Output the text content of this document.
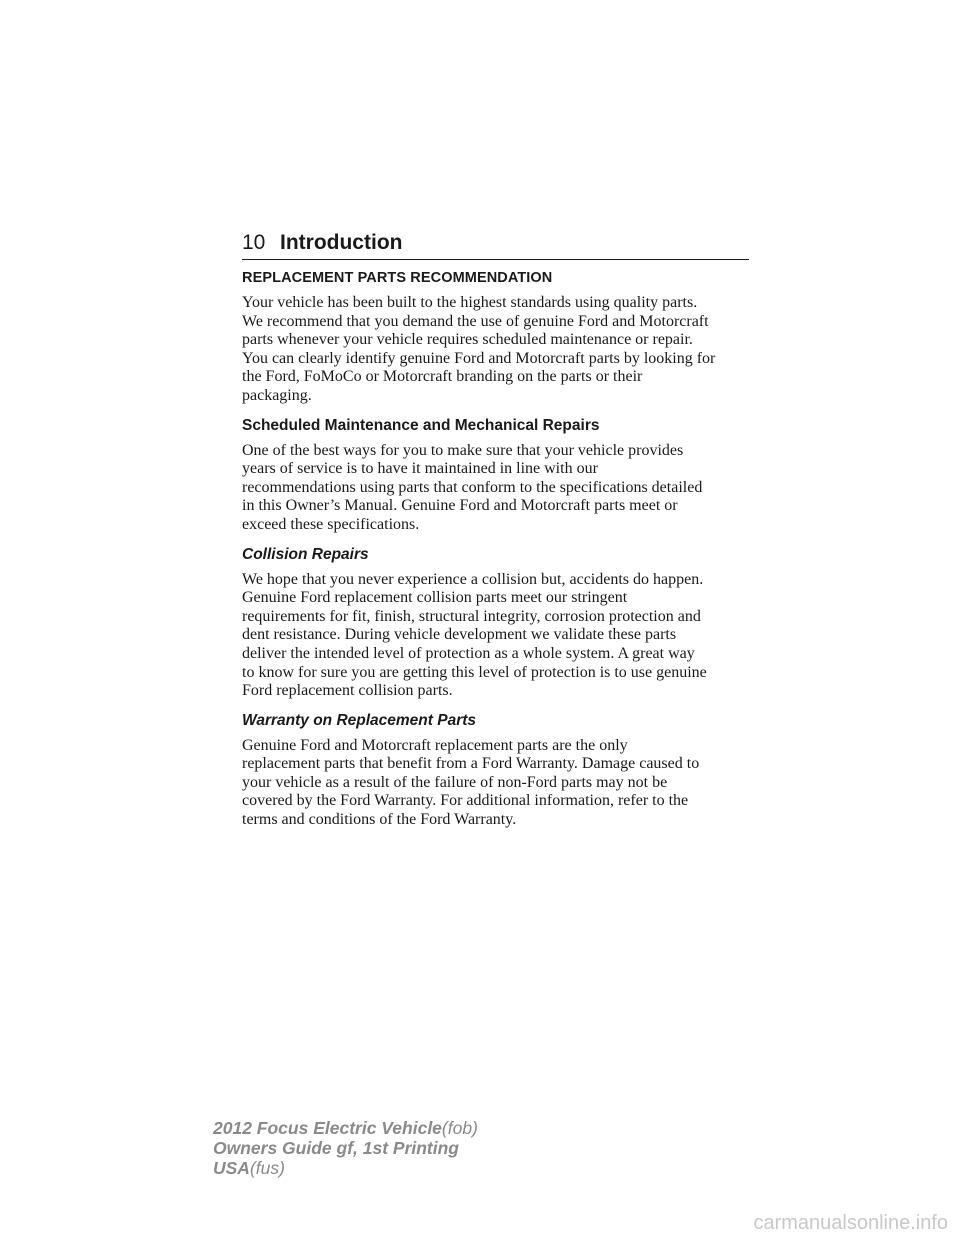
10 Introduction
REPLACEMENT PARTS RECOMMENDATION

Your vehicle has been built to the highest standards using quality parts.
We recommend that you demand the use of genuine Ford and Motorcraft
parts whenever your vehicle requires scheduled maintenance or repair.
You can clearly identify genuine Ford and Motorcraft parts by looking for
the Ford, FoMoCo or Motorcraft branding on the parts or their
packaging.

Scheduled Maintenance and Mechanical Repairs

One of the best ways for you to make sure that your vehicle provides
years of service is to have it maintained in line with our
recommendations using parts that conform to the specifications detailed
in this Owner’s Manual. Genuine Ford and Motorcraft parts meet or
exceed these specifications.

Collision Repairs

We hope that you never experience a collision but, accidents do happen.
Genuine Ford replacement collision parts meet our stringent
requirements for fit, finish, structural integrity, corrosion protection and
dent resistance. During vehicle development we validate these parts
deliver the intended level of protection as a whole system. A great way
to know for sure you are getting this level of protection is to use genuine
Ford replacement collision parts.

Warranty on Replacement Parts

Genuine Ford and Motorcraft replacement parts are the only
replacement parts that benefit from a Ford Warranty. Damage caused to
your vehicle as a result of the failure of non-Ford parts may not be
covered by the Ford Warranty. For additional information, refer to the
terms and conditions of the Ford Warranty.

2012 Focus Electric Vehicle(fob)
Owners Guide gf, 1st Printing
USA(fus)
carmanualsonline.info
